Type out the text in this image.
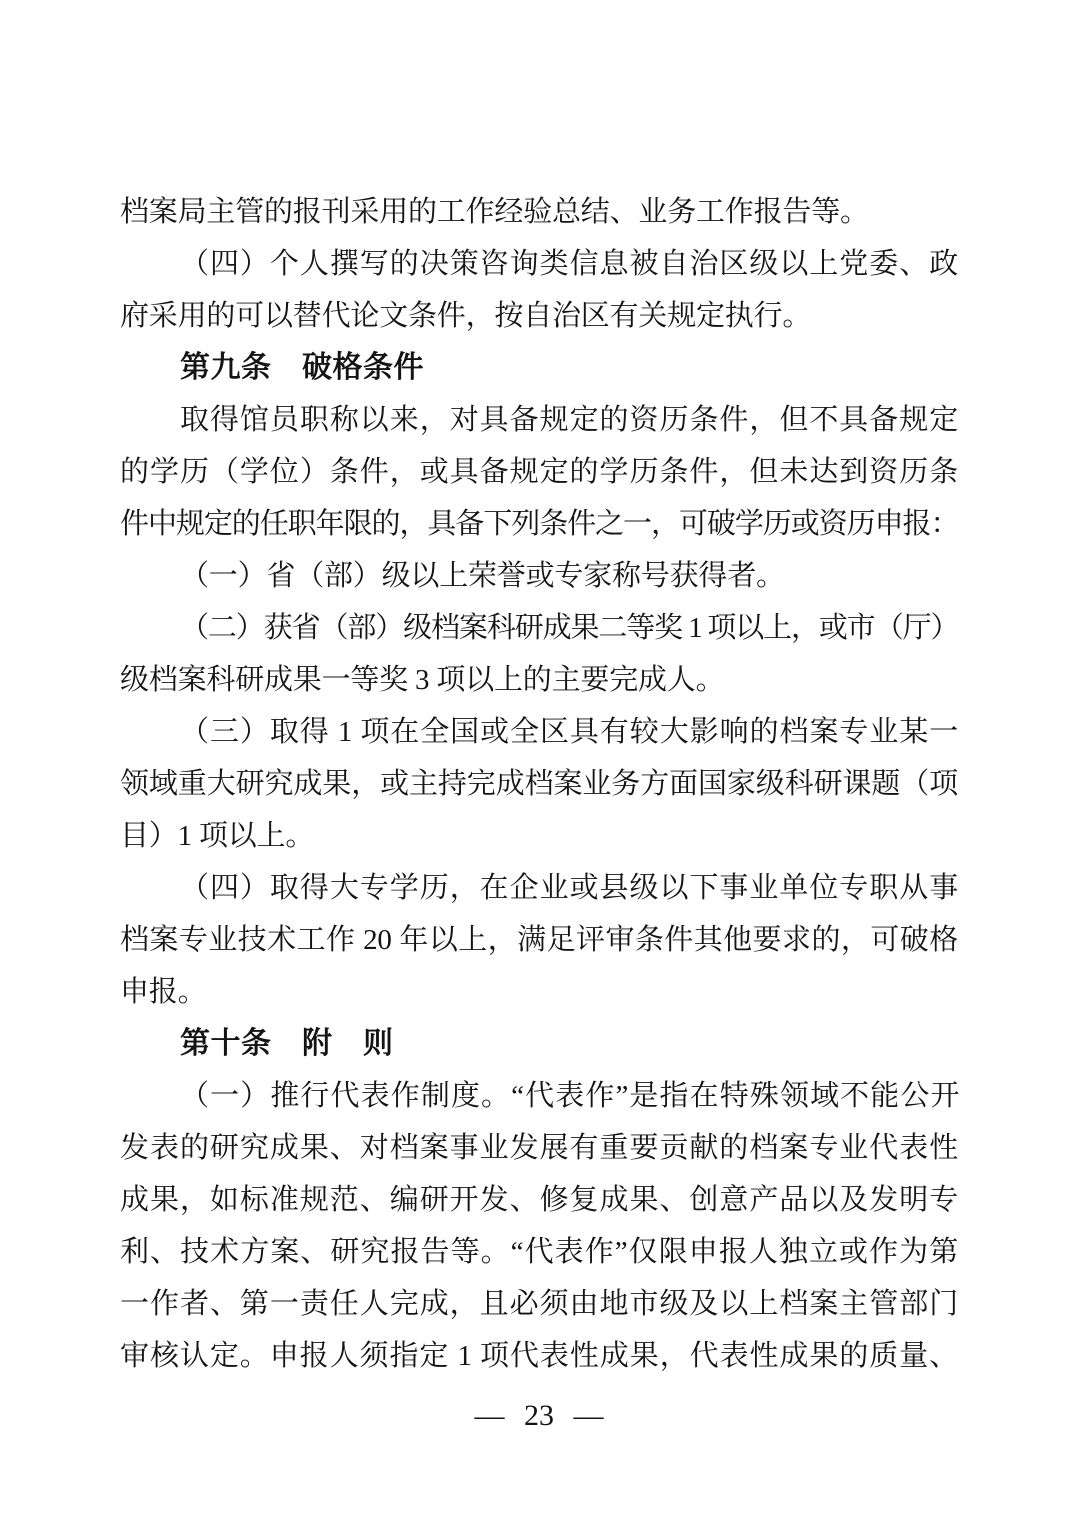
档案局主管的报刊采用的工作经验总结、业务工作报告等。
（四）个人撰写的决策咨询类信息被自治区级以上党委、政
府采用的可以替代论文条件，按自治区有关规定执行。
第九条　破格条件
取得馆员职称以来，对具备规定的资历条件，但不具备规定
的学历（学位）条件，或具备规定的学历条件，但未达到资历条
件中规定的任职年限的，具备下列条件之一，可破学历或资历申报：
（一）省（部）级以上荣誉或专家称号获得者。
（二）获省（部）级档案科研成果二等奖 1 项以上，或市（厅）
级档案科研成果一等奖 3 项以上的主要完成人。
（三）取得 1 项在全国或全区具有较大影响的档案专业某一
领域重大研究成果，或主持完成档案业务方面国家级科研课题（项
目）1 项以上。
（四）取得大专学历，在企业或县级以下事业单位专职从事
档案专业技术工作 20 年以上，满足评审条件其他要求的，可破格
申报。
第十条　附　则
（一）推行代表作制度。“代表作”是指在特殊领域不能公开
发表的研究成果、对档案事业发展有重要贡献的档案专业代表性
成果，如标准规范、编研开发、修复成果、创意产品以及发明专
利、技术方案、研究报告等。“代表作”仅限申报人独立或作为第
一作者、第一责任人完成，且必须由地市级及以上档案主管部门
审核认定。申报人须指定 1 项代表性成果，代表性成果的质量、
— 23 —
